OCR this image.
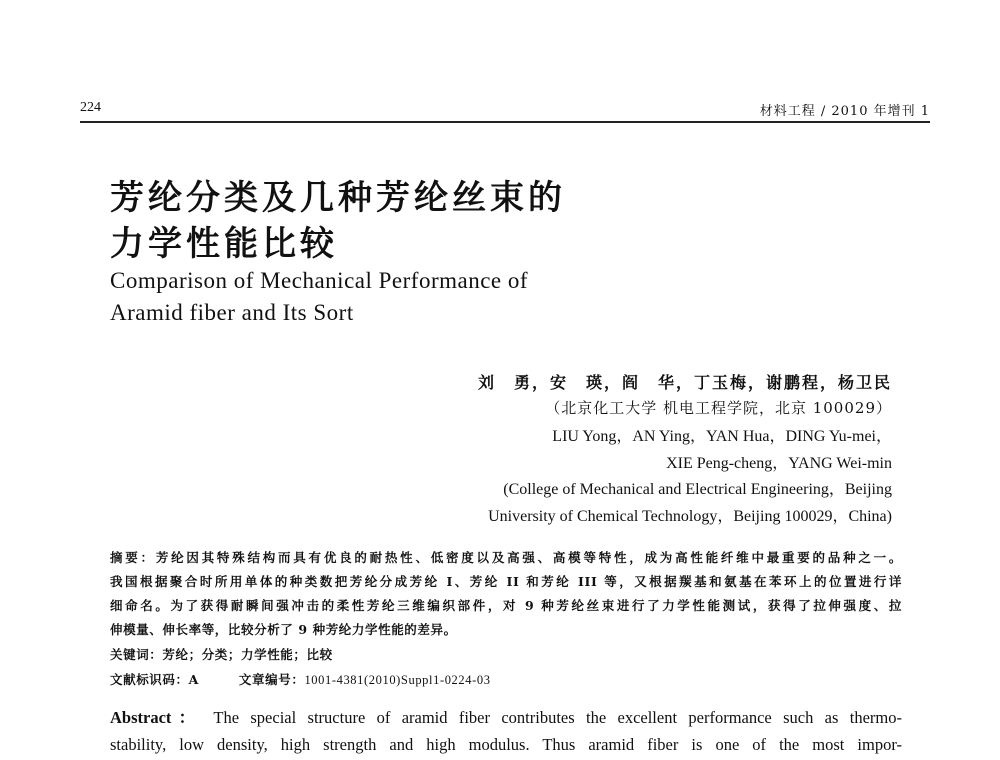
224	材料工程 / 2010 年增刊 1
芳纶分类及几种芳纶丝束的
力学性能比较
Comparison of Mechanical Performance of
Aramid fiber and Its Sort
刘　勇，安　瑛，阎　华，丁玉梅，谢鹏程，杨卫民
（北京化工大学 机电工程学院，北京 100029）
LIU Yong，AN Ying，YAN Hua，DING Yu-mei，
XIE Peng-cheng，YANG Wei-min
(College of Mechanical and Electrical Engineering，Beijing
University of Chemical Technology，Beijing 100029，China)
摘要：芳纶因其特殊结构而具有优良的耐热性、低密度以及高强、高模等特性，成为高性能纤维中最重要的品种之一。
我国根据聚合时所用单体的种类数把芳纶分成芳纶 I、芳纶 II 和芳纶 III 等，又根据羰基和氨基在苯环上的位置进行详
细命名。为了获得耐瞬间强冲击的柔性芳纶三维编织部件，对 9 种芳纶丝束进行了力学性能测试，获得了拉伸强度、拉
伸模量、伸长率等，比较分析了 9 种芳纶力学性能的差异。
关键词：芳纶；分类；力学性能；比较
文献标识码：A	文章编号：1001-4381(2010)Suppl1-0224-03
Abstract： The special structure of aramid fiber contributes the excellent performance such as thermo-
stability, low density, high strength and high modulus. Thus aramid fiber is one of the most impor-
